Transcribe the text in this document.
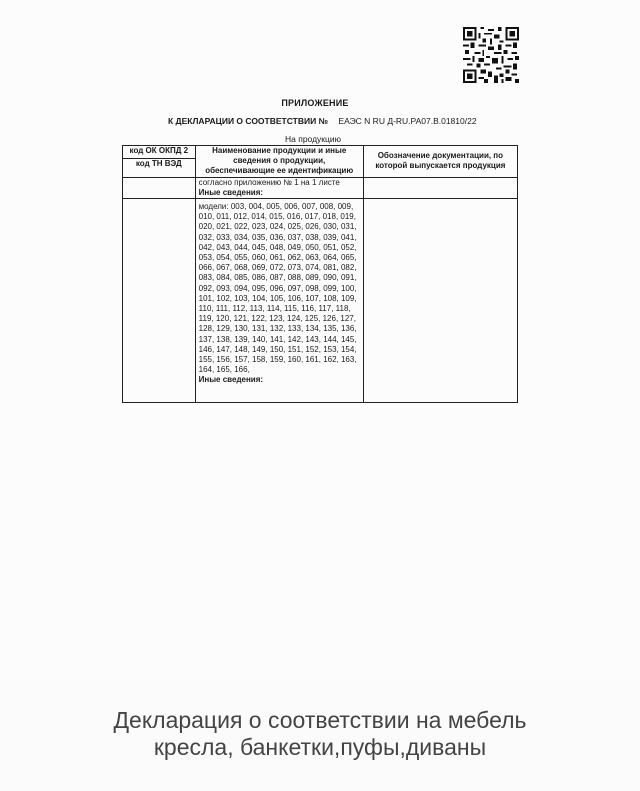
ПРИЛОЖЕНИЕ
К ДЕКЛАРАЦИИ О СООТВЕТСТВИИ № ЕАЭС N RU Д-RU.PA07.B.01810/22
На продукцию
код ОК ОКПД 2	Наименование продукции и иные сведения о продукции, обеспечивающие ее идентификацию	Обозначение документации, по которой выпускается продукция
код ТН ВЭД		

	согласно приложению № 1 на 1 листе
Иные сведения:	

	модели: 003, 004, 005, 006, 007, 008, 009, 010, 011, 012, 014, 015, 016, 017, 018, 019, 020, 021, 022, 023, 024, 025, 026, 030, 031, 032, 033, 034, 035, 036, 037, 038, 039, 041, 042, 043, 044, 045, 048, 049, 050, 051, 052, 053, 054, 055, 060, 061, 062, 063, 064, 065, 066, 067, 068, 069, 072, 073, 074, 081, 082, 083, 084, 085, 086, 087, 088, 089, 090, 091, 092, 093, 094, 095, 096, 097, 098, 099, 100, 101, 102, 103, 104, 105, 106, 107, 108, 109, 110, 111, 112, 113, 114, 115, 116, 117, 118, 119, 120, 121, 122, 123, 124, 125, 126, 127, 128, 129, 130, 131, 132, 133, 134, 135, 136, 137, 138, 139, 140, 141, 142, 143, 144, 145, 146, 147, 148, 149, 150, 151, 152, 153, 154, 155, 156, 157, 158, 159, 160, 161, 162, 163, 164, 165, 166,
Иные сведения:	

Декларация о соответствии на мебель
кресла, банкетки,пуфы,диваны
